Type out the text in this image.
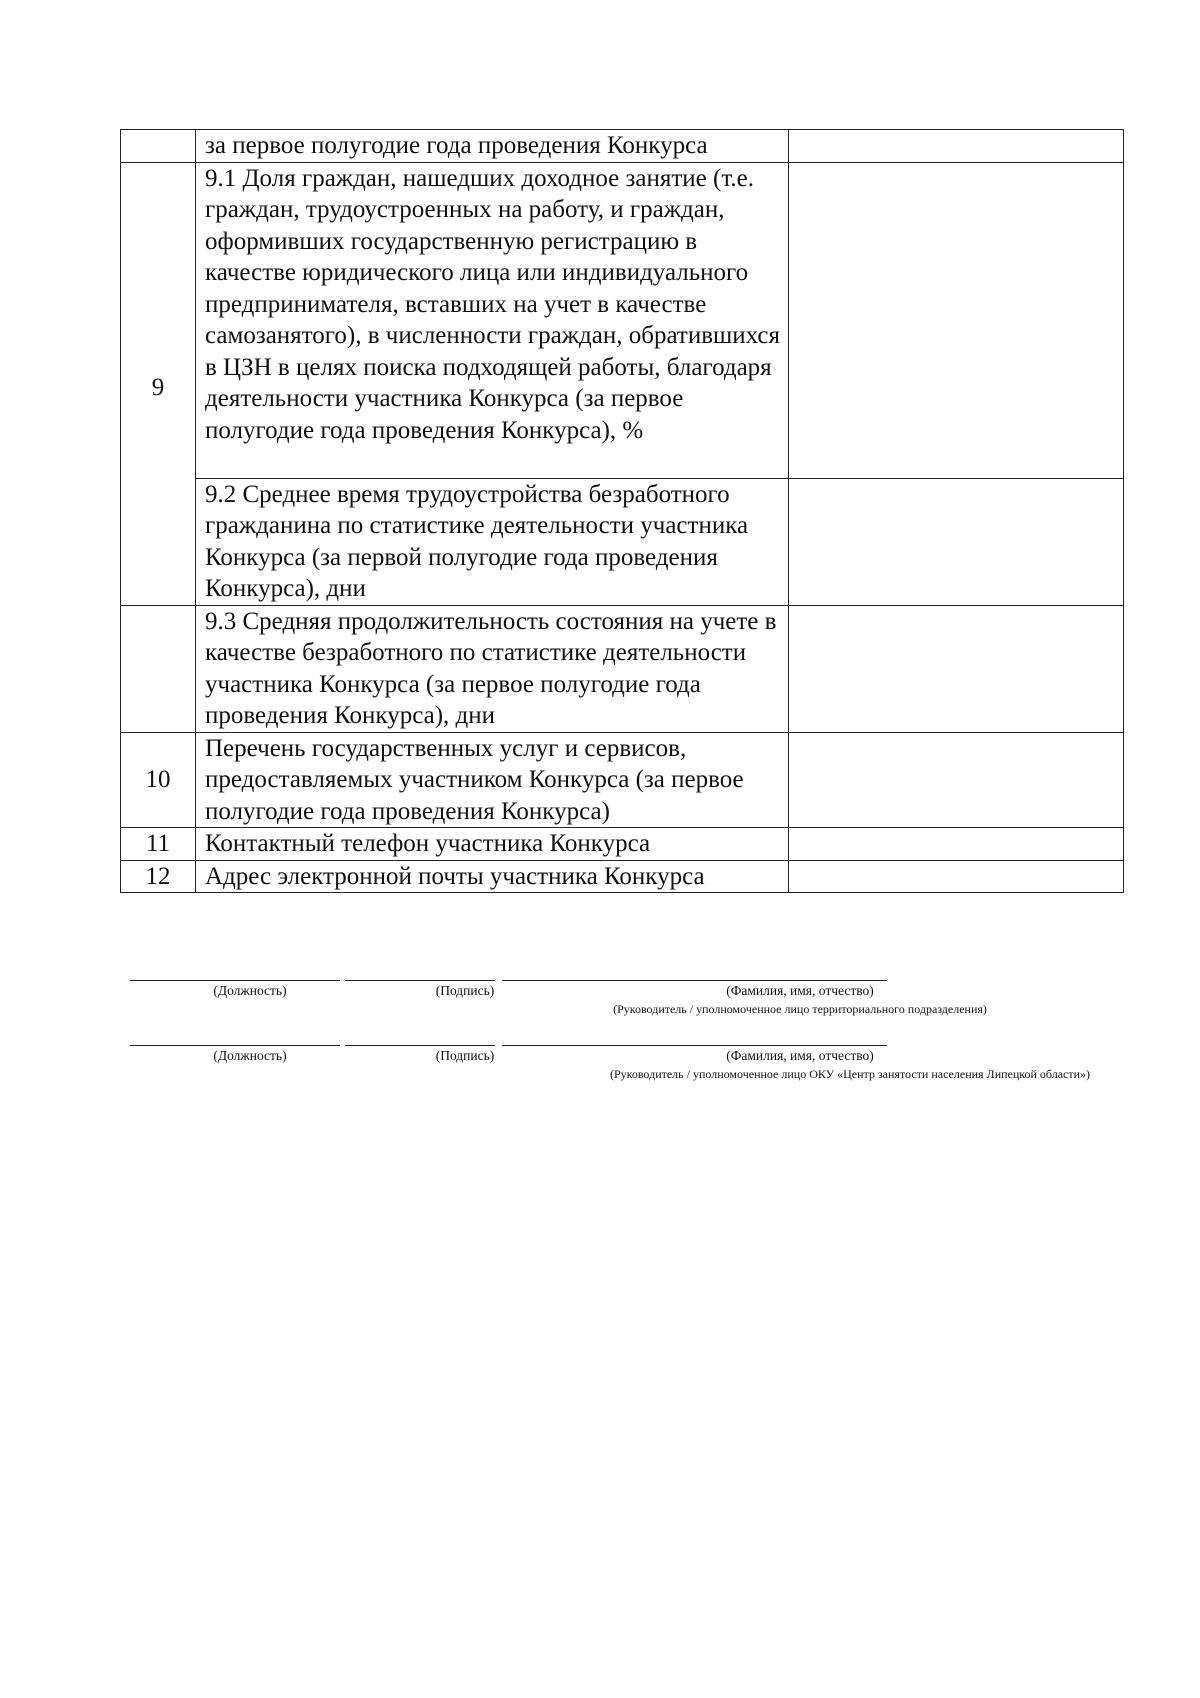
	за первое полугодие года проведения Конкурса	
9	9.1 Доля граждан, нашедших доходное занятие (т.е. граждан, трудоустроенных на работу, и граждан, оформивших государственную регистрацию в качестве юридического лица или индивидуального предпринимателя, вставших на учет в качестве самозанятого), в численности граждан, обратившихся в ЦЗН в целях поиска подходящей работы, благодаря деятельности участника Конкурса (за первое полугодие года проведения Конкурса), %	
	9.2 Среднее время трудоустройства безработного гражданина по статистике деятельности участника Конкурса (за первой полугодие года проведения Конкурса), дни	
	9.3 Средняя продолжительность состояния на учете в качестве безработного по статистике деятельности участника Конкурса (за первое полугодие года проведения Конкурса), дни	
10	Перечень государственных услуг и сервисов, предоставляемых участником Конкурса (за первое полугодие года проведения Конкурса)	
11	Контактный телефон участника Конкурса	
12	Адрес электронной почты участника Конкурса	
(Должность)	(Подпись)	(Фамилия, имя, отчество)
(Руководитель / уполномоченное лицо территориального подразделения)
(Должность)	(Подпись)	(Фамилия, имя, отчество)
(Руководитель / уполномоченное лицо ОКУ «Центр занятости населения Липецкой области»)
